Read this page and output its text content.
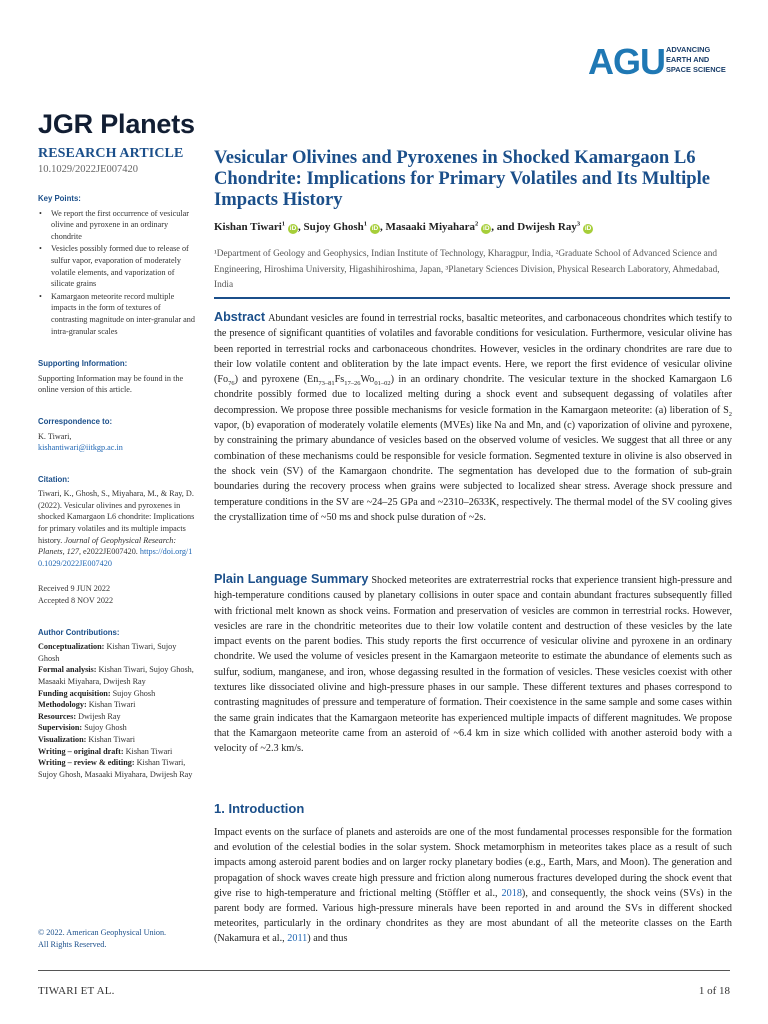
AGU ADVANCING EARTH AND SPACE SCIENCE
JGR Planets
RESEARCH ARTICLE
10.1029/2022JE007420
Key Points:
• We report the first occurrence of vesicular olivine and pyroxene in an ordinary chondrite
• Vesicles possibly formed due to release of sulfur vapor, evaporation of moderately volatile elements, and vaporization of silicate grains
• Kamargaon meteorite record multiple impacts in the form of textures of contrasting magnitude on inter-granular and intra-granular scales
Supporting Information:
Supporting Information may be found in the online version of this article.
Correspondence to:
K. Tiwari,
kishantiwari@iitkgp.ac.in
Citation:
Tiwari, K., Ghosh, S., Miyahara, M., & Ray, D. (2022). Vesicular olivines and pyroxenes in shocked Kamargaon L6 chondrite: Implications for primary volatiles and its multiple impacts history. Journal of Geophysical Research: Planets, 127, e2022JE007420. https://doi.org/10.1029/2022JE007420
Received 9 JUN 2022
Accepted 8 NOV 2022
Author Contributions:
Conceptualization: Kishan Tiwari, Sujoy Ghosh
Formal analysis: Kishan Tiwari, Sujoy Ghosh, Masaaki Miyahara, Dwijesh Ray
Funding acquisition: Sujoy Ghosh
Methodology: Kishan Tiwari
Resources: Dwijesh Ray
Supervision: Sujoy Ghosh
Visualization: Kishan Tiwari
Writing – original draft: Kishan Tiwari
Writing – review & editing: Kishan Tiwari, Sujoy Ghosh, Masaaki Miyahara, Dwijesh Ray
© 2022. American Geophysical Union.
All Rights Reserved.
Vesicular Olivines and Pyroxenes in Shocked Kamargaon L6 Chondrite: Implications for Primary Volatiles and Its Multiple Impacts History
Kishan Tiwari$^1$iD , Sujoy Ghosh$^1$iD , Masaaki Miyahara$^2$iD , and Dwijesh Ray$^3$iD
¹Department of Geology and Geophysics, Indian Institute of Technology, Kharagpur, India, ²Graduate School of Advanced Science and Engineering, Hiroshima University, Higashihiroshima, Japan, ³Planetary Sciences Division, Physical Research Laboratory, Ahmedabad, India
Abstract Abundant vesicles are found in terrestrial rocks, basaltic meteorites, and carbonaceous chondrites which testify to the presence of significant quantities of volatiles and favorable conditions for vesiculation. Furthermore, vesicular olivine has been reported in terrestrial rocks and carbonaceous chondrites. However, vesicles in the ordinary chondrites are rare due to their low volatile content and obliteration by the late impact events. Here, we report the first evidence of vesicular olivine $(Fo_{76})$ and pyroxene $(En_{73-81}Fs_{17-26}Wo_{01-02})$ in an ordinary chondrite. The vesicular texture in the shocked Kamargaon L6 chondrite possibly formed due to localized melting during a shock event and subsequent degassing of volatiles after decompression. We propose three possible mechanisms for vesicle formation in the Kamargaon meteorite: (a) liberation of $S_2$ vapor, (b) evaporation of moderately volatile elements (MVEs) like Na and Mn, and (c) vaporization of olivine and pyroxene, by constraining the primary abundance of vesicles based on the observed volume of vesicles. We suggest that all three or any combination of these mechanisms could be responsible for vesicle formation. Segmented texture in olivine is also observed in the shock vein (SV) of the Kamargaon chondrite. The segmentation has developed due to the formation of sub-grain boundaries during the recovery process when grains were subjected to localized shear stress. Average shock pressure and temperature conditions in the SV are ~24–25 GPa and ~2310–2633K, respectively. The thermal model of the SV cooling gives the crystallization time of ~50 ms and shock pulse duration of ~2s.
Plain Language Summary Shocked meteorites are extraterrestrial rocks that experience transient high-pressure and high-temperature conditions caused by planetary collisions in outer space and contain abundant fractures subsequently filled with frictional melt known as shock veins. Formation and preservation of vesicles are common in terrestrial rocks. However, vesicles are rare in the chondritic meteorites due to their low volatile content and destruction of these vesicles by the late impact events on the parent bodies. This study reports the first occurrence of vesicular olivine and pyroxene in an ordinary chondrite. We used the volume of vesicles present in the Kamargaon meteorite to estimate the abundance of elements such as sulfur, sodium, manganese, and iron, whose degassing resulted in the formation of vesicles. These vesicles coexist with other textures like dissociated olivine and high-pressure phases in our sample. These different textures and phases correspond to contrasting magnitudes of pressure and temperature of formation. Their coexistence in the same sample and some cases within the same grain indicates that the Kamargaon meteorite has experienced multiple impacts of different magnitudes. We propose that the Kamargaon meteorite came from an asteroid of ~6.4 km in size which collided with another asteroid body with a velocity of ~2.3 km/s.
1. Introduction
Impact events on the surface of planets and asteroids are one of the most fundamental processes responsible for the formation and evolution of the celestial bodies in the solar system. Shock metamorphism in meteorites takes place as a result of such impacts among asteroid parent bodies and on larger rocky planetary bodies (e.g., Earth, Mars, and Moon). The generation and propagation of shock waves create high pressure and friction along numerous fractures developed during the shock event that give rise to high-temperature and frictional melting (Stöffler et al., 2018), and consequently, the shock veins (SVs) in the parent body are formed. Various high-pressure minerals have been reported in and around the SVs in different shocked meteorites, particularly in the ordinary chondrites as they are most abundant of all the meteorite classes on the Earth (Nakamura et al., 2011) and thus
TIWARI ET AL.	1 of 18
